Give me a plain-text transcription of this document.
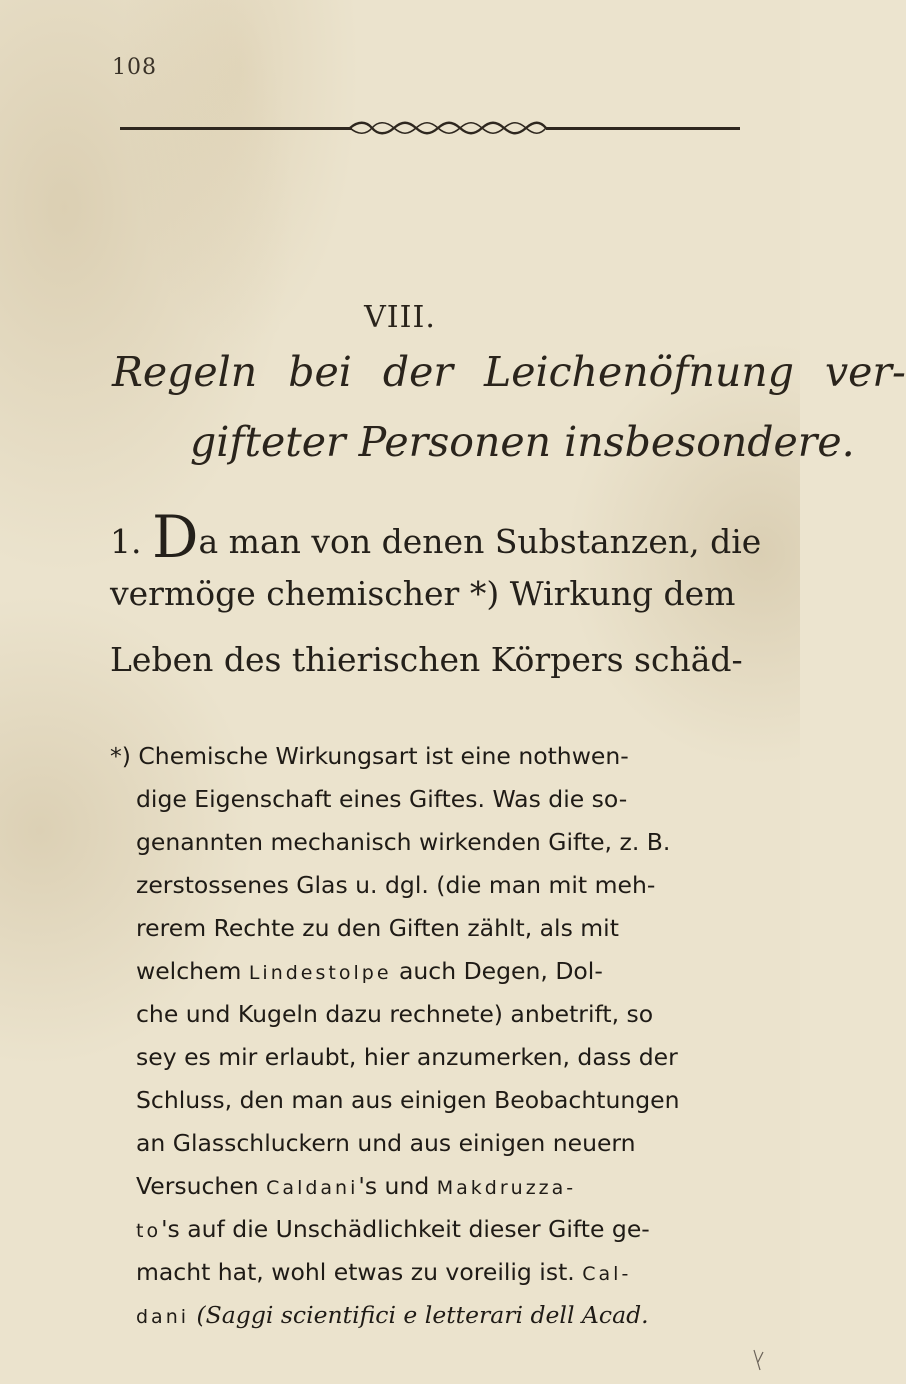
108
VIII.
Regeln bei der Leichenöfnung ver-
gifteter Personen insbesondere.
1. Da man von denen Substanzen, die
vermöge chemischer *) Wirkung dem
Leben des thierischen Körpers schäd-
*) Chemische Wirkungsart ist eine nothwen-
dige Eigenschaft eines Giftes. Was die so-
genannten mechanisch wirkenden Gifte, z. B.
zerstossenes Glas u. dgl. (die man mit meh-
rerem Rechte zu den Giften zählt, als mit
welchem Lindestolpe auch Degen, Dol-
che und Kugeln dazu rechnete) anbetrift, so
sey es mir erlaubt, hier anzumerken, dass der
Schluss, den man aus einigen Beobachtungen
an Glasschluckern und aus einigen neuern
Versuchen Caldani's und Makdruzza-
to's auf die Unschädlichkeit dieser Gifte ge-
macht hat, wohl etwas zu voreilig ist. Cal-
dani (Saggi scientifici e letterari dell Acad.
